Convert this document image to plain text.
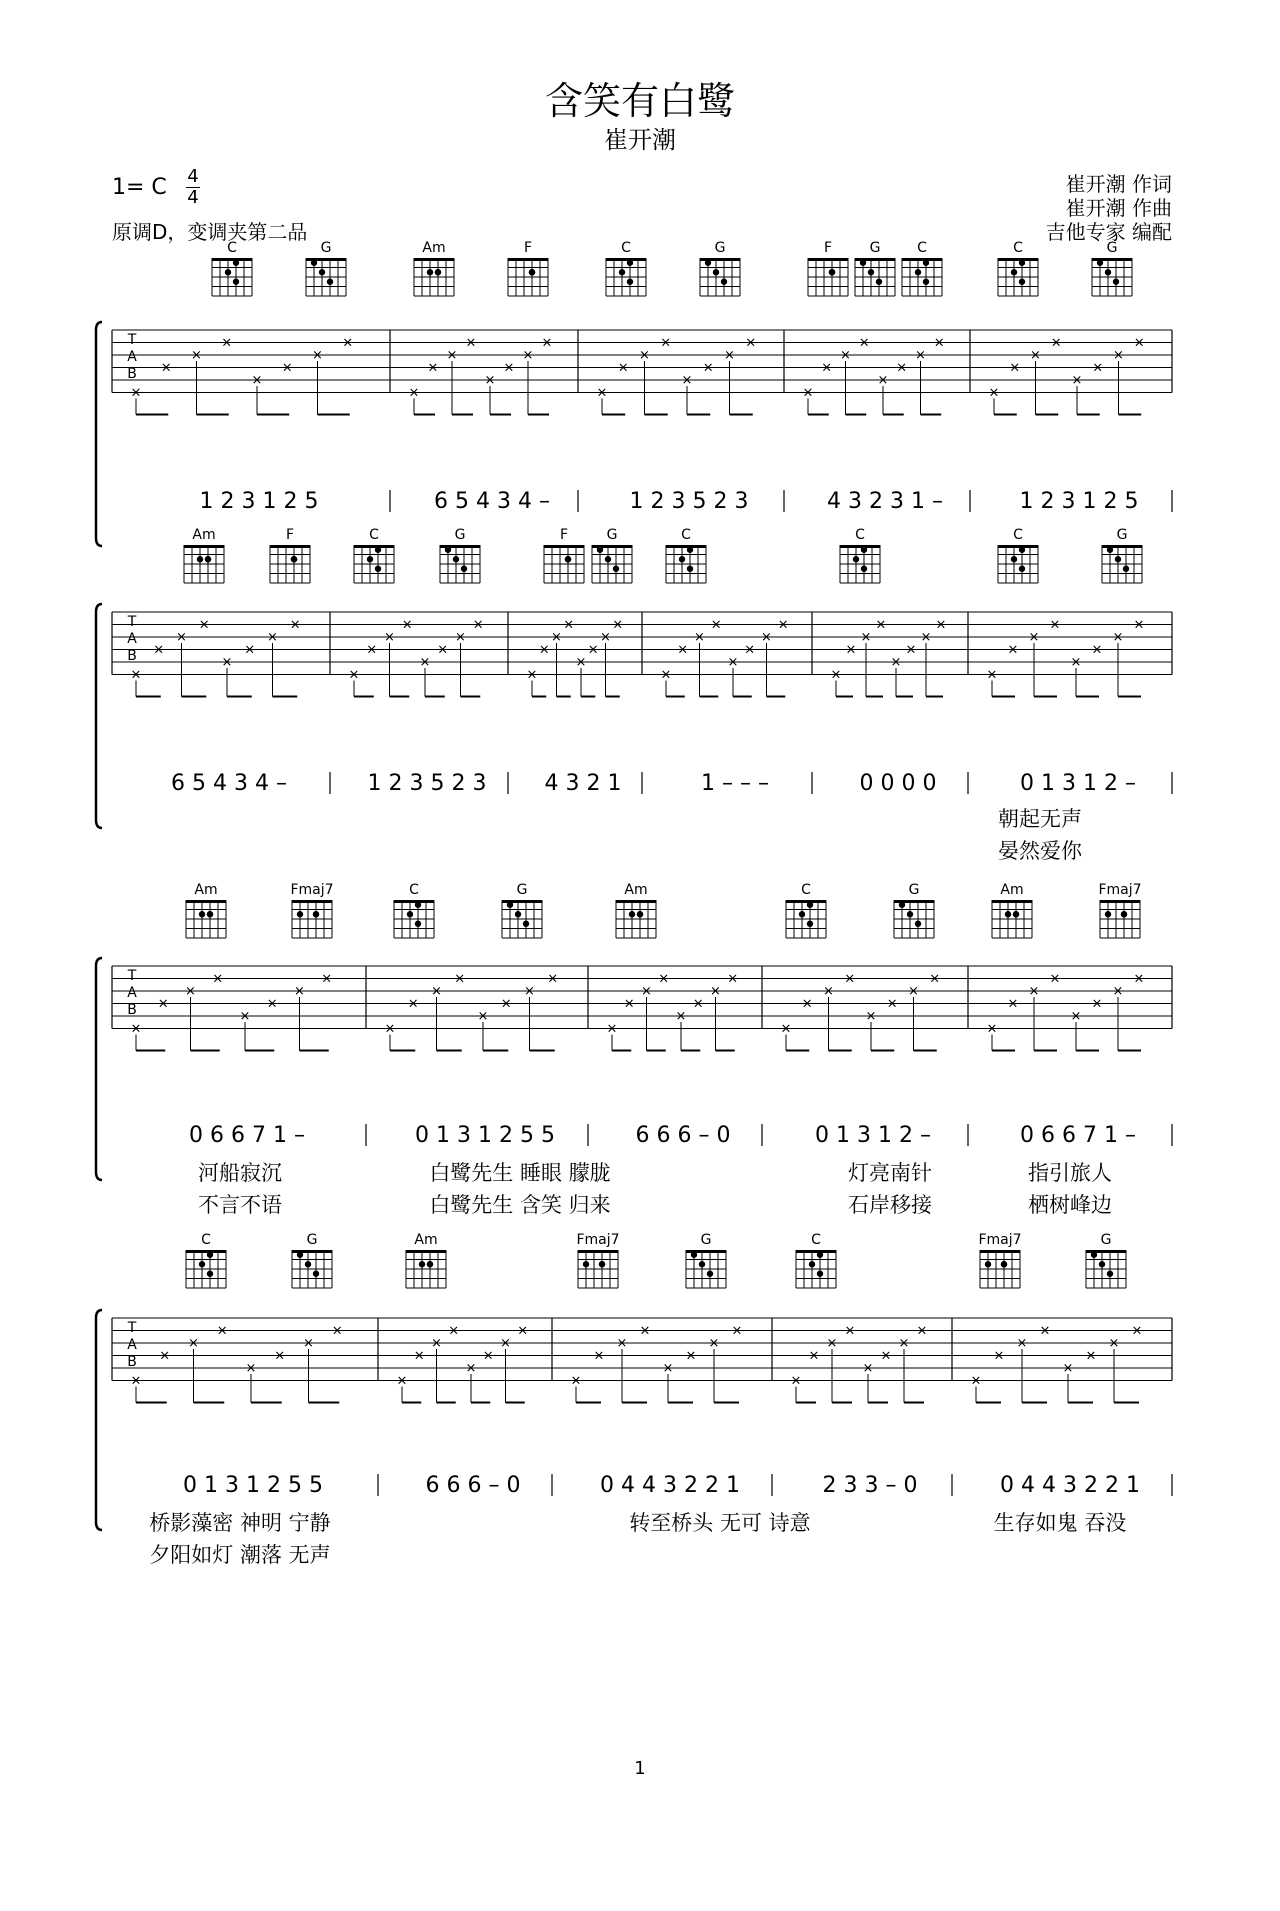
含笑有白鹭
崔开潮
1= C 4
4
原调D，变调夹第二品
崔开潮 作词
崔开潮 作曲
吉他专家 编配
T
A
B
×
×
×
×
×
×
×
×
×
×
×
×
×
×
×
×
×
×
×
×
×
×
×
×
×
×
×
×
×
×
×
×
×
×
×
×
×
×
×
×
C	G	Am	F	C	G	F	G	C	C	G
1 2 3 1 2 5	6 5 4 3 4 –	1 2 3 5 2 3	4 3 2 3 1 –	1 2 3 1 2 5
T
A
B
×
×
×
×
×
×
×
×
×
×
×
×
×
×
×
×
×
×
×
×
×
×
×
×
×
×
×
×
×
×
×
×
×
×
×
×
×
×
×
×
×
×
×
×
×
×
×
×
Am	F	C	G	F	G	C	C	C	G
6 5 4 3 4 –	1 2 3 5 2 3	4 3 2 1	1 – – –	0 0 0 0	0 1 3 1 2 –
朝起无声
晏然爱你
T
A
B
×
×
×
×
×
×
×
×
×
×
×
×
×
×
×
×
×
×
×
×
×
×
×
×
×
×
×
×
×
×
×
×
×
×
×
×
×
×
×
×
Am	Fmaj7	C	G	Am	C	G	Am	Fmaj7
0 6 6 7 1 –	0 1 3 1 2 5 5	6 6 6 – 0	0 1 3 1 2 –	0 6 6 7 1 –
河船寂沉	白鹭先生 睡眼 朦胧	灯亮南针	指引旅人
不言不语	白鹭先生 含笑 归来	石岸移接	栖树峰边
T
A
B
×
×
×
×
×
×
×
×
×
×
×
×
×
×
×
×
×
×
×
×
×
×
×
×
×
×
×
×
×
×
×
×
×
×
×
×
×
×
×
×
C	G	Am	Fmaj7	G	C	Fmaj7	G
0 1 3 1 2 5 5	6 6 6 – 0	0 4 4 3 2 2 1	2 3 3 – 0	0 4 4 3 2 2 1
桥影藻密 神明 宁静	转至桥头 无可 诗意	生存如鬼 吞没
夕阳如灯 潮落 无声
1
